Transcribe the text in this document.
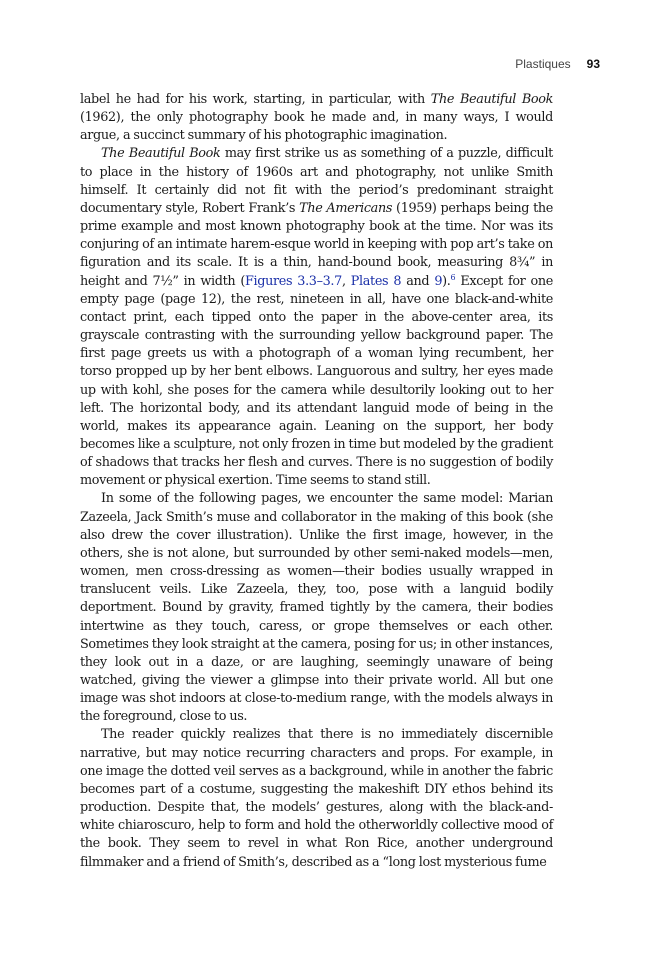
Plastiques 93

label he had for his work, starting, in particular, with The Beautiful Book (1962), the only photography book he made and, in many ways, I would argue, a succinct summary of his photographic imagination.

The Beautiful Book may first strike us as something of a puzzle, difficult to place in the history of 1960s art and photography, not unlike Smith himself. It certainly did not fit with the period’s predominant straight documentary style, Robert Frank’s The Americans (1959) perhaps being the prime example and most known photography book at the time. Nor was its conjuring of an intimate harem-esque world in keeping with pop art’s take on figuration and its scale. It is a thin, hand-bound book, measuring 8¾” in height and 7½” in width (Figures 3.3–3.7, Plates 8 and 9).$^6$ Except for one empty page (page 12), the rest, nineteen in all, have one black-and-white contact print, each tipped onto the paper in the above-center area, its grayscale contrasting with the surrounding yellow background paper. The first page greets us with a photograph of a woman lying recumbent, her torso propped up by her bent elbows. Languorous and sultry, her eyes made up with kohl, she poses for the camera while desultorily looking out to her left. The horizontal body, and its attendant languid mode of being in the world, makes its appearance again. Leaning on the support, her body becomes like a sculpture, not only frozen in time but modeled by the gradient of shadows that tracks her flesh and curves. There is no suggestion of bodily movement or physical exertion. Time seems to stand still.

In some of the following pages, we encounter the same model: Marian Zazeela, Jack Smith’s muse and collaborator in the making of this book (she also drew the cover illustration). Unlike the first image, however, in the others, she is not alone, but surrounded by other semi-naked models—men, women, men cross-dressing as women—their bodies usually wrapped in translucent veils. Like Zazeela, they, too, pose with a languid bodily deportment. Bound by gravity, framed tightly by the camera, their bodies intertwine as they touch, caress, or grope themselves or each other. Sometimes they look straight at the camera, posing for us; in other instances, they look out in a daze, or are laughing, seemingly unaware of being watched, giving the viewer a glimpse into their private world. All but one image was shot indoors at close-to-medium range, with the models always in the foreground, close to us.

The reader quickly realizes that there is no immediately discernible narrative, but may notice recurring characters and props. For example, in one image the dotted veil serves as a background, while in another the fabric becomes part of a costume, suggesting the makeshift DIY ethos behind its production. Despite that, the models’ gestures, along with the black-and-white chiaroscuro, help to form and hold the otherworldly collective mood of the book. They seem to revel in what Ron Rice, another underground filmmaker and a friend of Smith’s, described as a “long lost mysterious fume
